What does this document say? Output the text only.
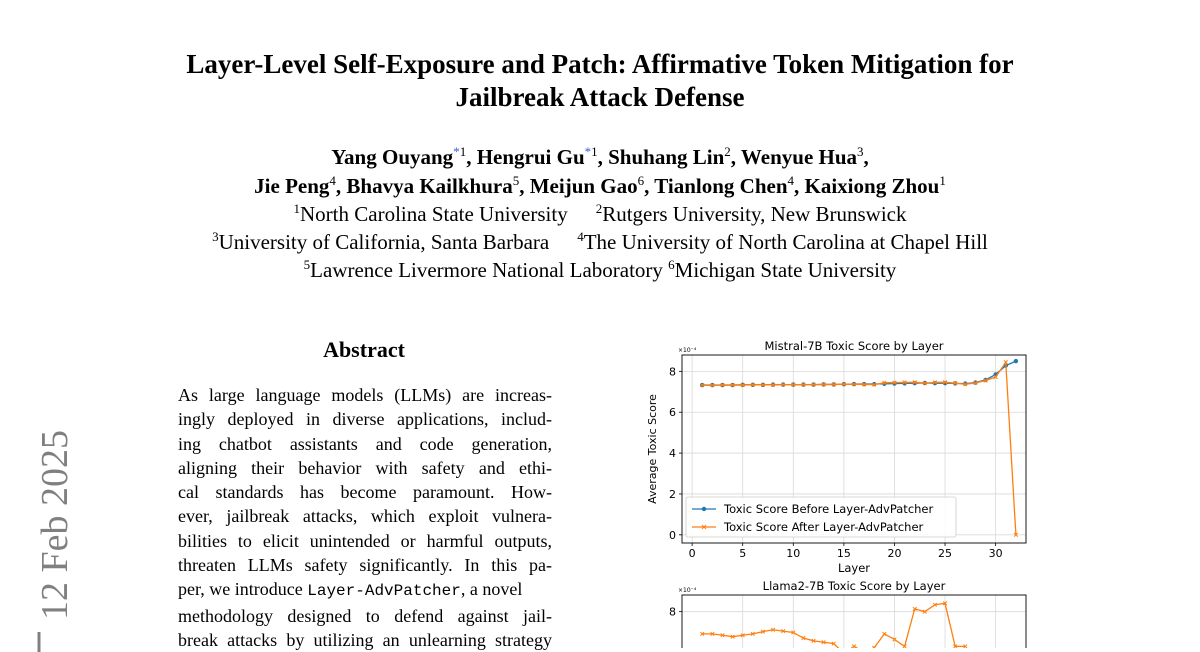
Layer-Level Self-Exposure and Patch: Affirmative Token Mitigation for
Jailbreak Attack Defense
Yang Ouyang$^{*1}$, Hengrui Gu$^{*1}$, Shuhang Lin$^2$, Wenyue Hua$^3$,
Jie Peng$^4$, Bhavya Kailkhura$^5$, Meijun Gao$^6$, Tianlong Chen$^4$, Kaixiong Zhou$^1$
$^1$North Carolina State University $^2$Rutgers University, New Brunswick
$^3$University of California, Santa Barbara $^4$The University of North Carolina at Chapel Hill
$^5$Lawrence Livermore National Laboratory $^6$Michigan State University
Abstract
As large language models (LLMs) are increas-
ingly deployed in diverse applications, includ-
ing chatbot assistants and code generation,
aligning their behavior with safety and ethi-
cal standards has become paramount. How-
ever, jailbreak attacks, which exploit vulnera-
bilities to elicit unintended or harmful outputs,
threaten LLMs safety significantly. In this pa-
per, we introduce Layer-AdvPatcher, a novel
methodology designed to defend against jail-
break attacks by utilizing an unlearning strategy
12 Feb 2025
Mistral-7B Toxic Score by Layer
×10⁻⁴
0	5	10	15	20	25	30
0
2
4
6
8
Layer
Average Toxic Score
Toxic Score Before Layer-AdvPatcher
Toxic Score After Layer-AdvPatcher
Llama2-7B Toxic Score by Layer
×10⁻⁴
8
